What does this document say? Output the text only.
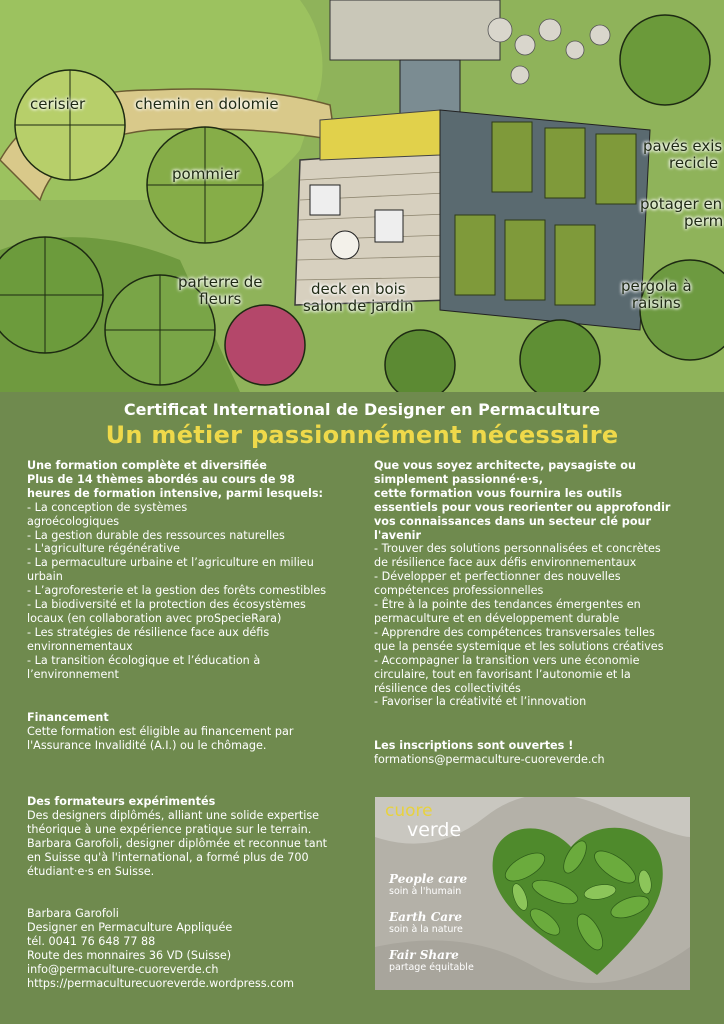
cerisier	chemin en dolomie
pommier
pavés exis
recicle
potager en
perm
parterre de
fleurs
deck en bois
salon de jardin
pergola à
raisins
Certificat International de Designer en Permaculture
Un métier passionnément nécessaire
Une formation complète et diversifiée
Plus de 14 thèmes abordés au cours de 98
heures de formation intensive, parmi lesquels:
- La conception de systèmes
agroécologiques
- La gestion durable des ressources naturelles
- L'agriculture régénérative
- La permaculture urbaine et l’agriculture en milieu
urbain
- L’agroforesterie et la gestion des forêts comestibles
- La biodiversité et la protection des écosystèmes
locaux (en collaboration avec proSpecieRara)
- Les stratégies de résilience face aux défis
environnementaux
- La transition écologique et l’éducation à
l’environnement
Financement
Cette formation est éligible au financement par
l'Assurance Invalidité (A.I.) ou le chômage.
Des formateurs expérimentés
Des designers diplômés, alliant une solide expertise
théorique à une expérience pratique sur le terrain.
Barbara Garofoli, designer diplômée et reconnue tant
en Suisse qu'à l'international, a formé plus de 700
étudiant·e·s en Suisse.
Barbara Garofoli
Designer en Permaculture Appliquée
tél. 0041 76 648 77 88
Route des monnaires 36 VD (Suisse)
info@permaculture-cuoreverde.ch
https://permaculturecuoreverde.wordpress.com
Que vous soyez architecte, paysagiste ou
simplement passionné·e·s,
cette formation vous fournira les outils
essentiels pour vous reorienter ou approfondir
vos connaissances dans un secteur clé pour
l'avenir
- Trouver des solutions personnalisées et concrètes
de résilience face aux défis environnementaux
- Développer et perfectionner des nouvelles
compétences professionnelles
- Être à la pointe des tendances émergentes en
permaculture et en développement durable
- Apprendre des compétences transversales telles
que la pensée systemique et les solutions créatives
- Accompagner la transition vers une économie
circulaire, tout en favorisant l’autonomie et la
résilience des collectivités
- Favoriser la créativité et l’innovation
Les inscriptions sont ouvertes !
formations@permaculture-cuoreverde.ch
cuore
verde
People care
soin à l'humain
Earth Care
soin à la nature
Fair Share
partage équitable
